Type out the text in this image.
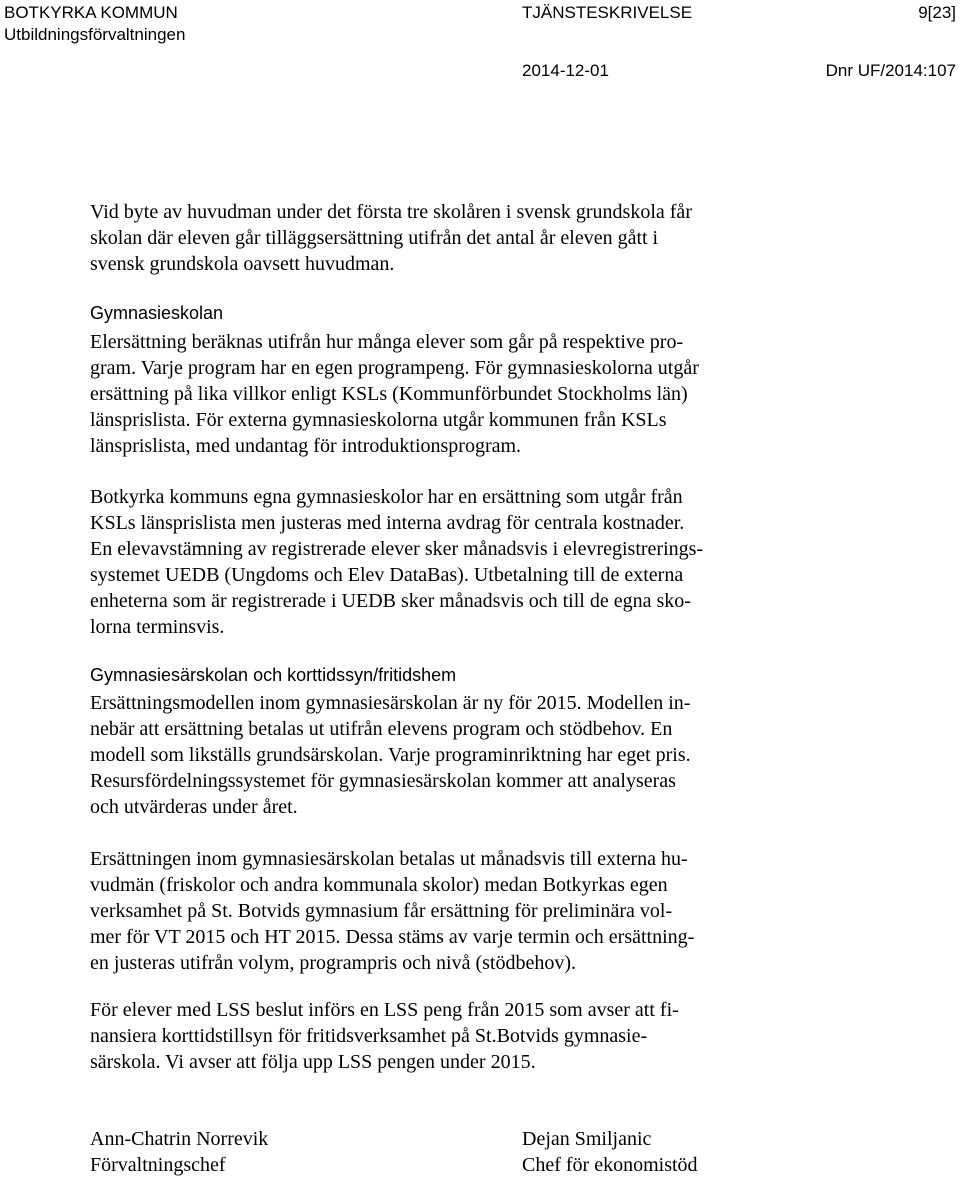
BOTKYRKA KOMMUN
Utbildningsförvaltningen
TJÄNSTESKRIVELSE	9[23]
2014-12-01	Dnr UF/2014:107
Vid byte av huvudman under det första tre skolåren i svensk grundskola får
skolan där eleven går tilläggsersättning utifrån det antal år eleven gått i
svensk grundskola oavsett huvudman.
Gymnasieskolan
Elersättning beräknas utifrån hur många elever som går på respektive pro-
gram. Varje program har en egen programpeng. För gymnasieskolorna utgår
ersättning på lika villkor enligt KSLs (Kommunförbundet Stockholms län)
länsprislista. För externa gymnasieskolorna utgår kommunen från KSLs
länsprislista, med undantag för introduktionsprogram.
Botkyrka kommuns egna gymnasieskolor har en ersättning som utgår från
KSLs länsprislista men justeras med interna avdrag för centrala kostnader.
En elevavstämning av registrerade elever sker månadsvis i elevregistrerings-
systemet UEDB (Ungdoms och Elev DataBas). Utbetalning till de externa
enheterna som är registrerade i UEDB sker månadsvis och till de egna sko-
lorna terminsvis.
Gymnasiesärskolan och korttidssyn/fritidshem
Ersättningsmodellen inom gymnasiesärskolan är ny för 2015. Modellen in-
nebär att ersättning betalas ut utifrån elevens program och stödbehov. En
modell som likställs grundsärskolan. Varje programinriktning har eget pris.
Resursfördelningssystemet för gymnasiesärskolan kommer att analyseras
och utvärderas under året.
Ersättningen inom gymnasiesärskolan betalas ut månadsvis till externa hu-
vudmän (friskolor och andra kommunala skolor) medan Botkyrkas egen
verksamhet på St. Botvids gymnasium får ersättning för preliminära vol-
mer för VT 2015 och HT 2015. Dessa stäms av varje termin och ersättning-
en justeras utifrån volym, programpris och nivå (stödbehov).
För elever med LSS beslut införs en LSS peng från 2015 som avser att fi-
nansiera korttidstillsyn för fritidsverksamhet på St.Botvids gymnasie-
särskola. Vi avser att följa upp LSS pengen under 2015.
Ann-Chatrin Norrevik
Förvaltningschef
Dejan Smiljanic
Chef för ekonomistöd
